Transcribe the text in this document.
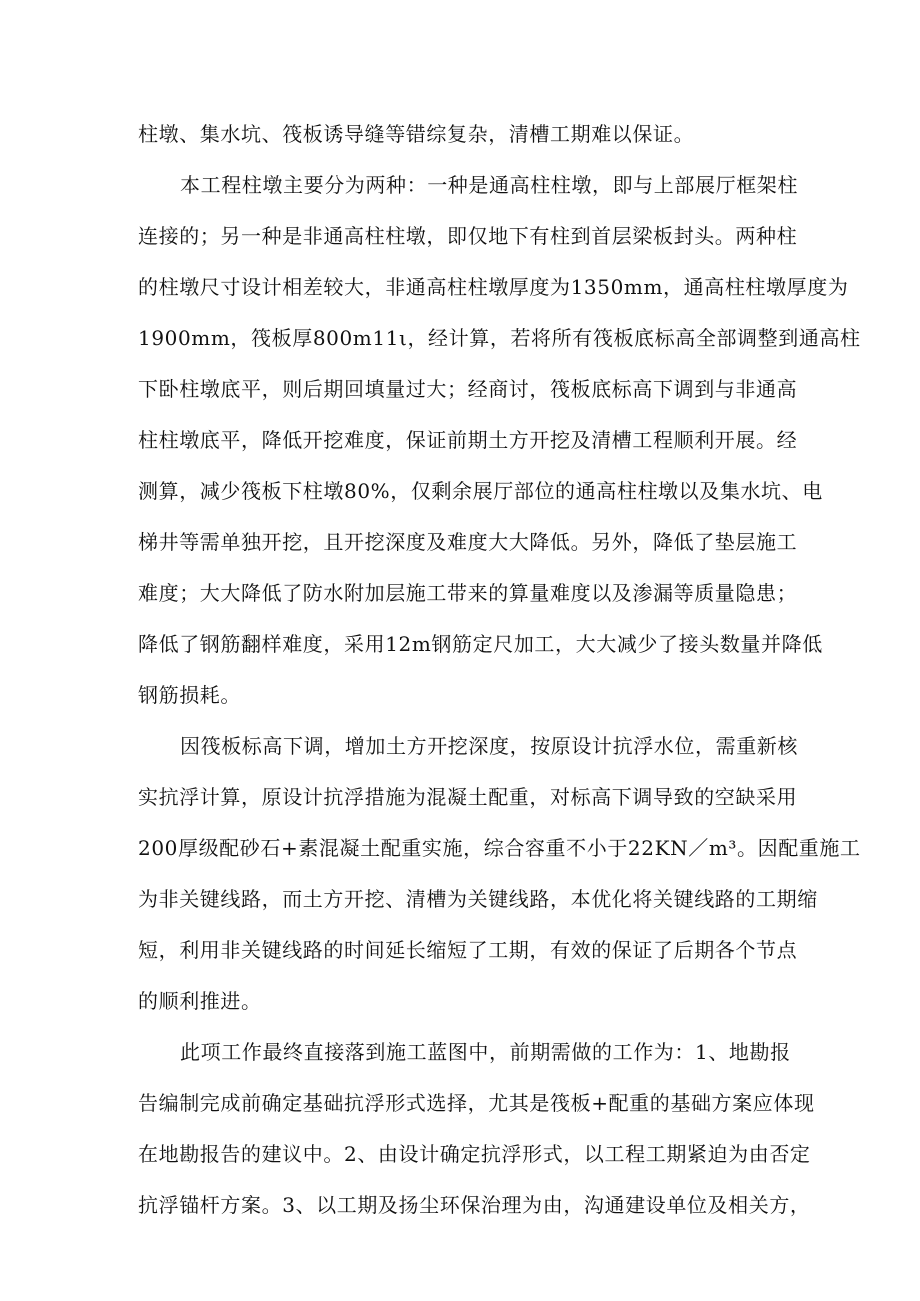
柱墩、集水坑、筏板诱导缝等错综复杂，清槽工期难以保证。
本工程柱墩主要分为两种：一种是通高柱柱墩，即与上部展厅框架柱
连接的；另一种是非通高柱柱墩，即仅地下有柱到首层梁板封头。两种柱
的柱墩尺寸设计相差较大，非通高柱柱墩厚度为1350mm，通高柱柱墩厚度为
1900mm，筏板厚800m11ι，经计算，若将所有筏板底标高全部调整到通高柱
下卧柱墩底平，则后期回填量过大；经商讨，筏板底标高下调到与非通高
柱柱墩底平，降低开挖难度，保证前期土方开挖及清槽工程顺利开展。经
测算，减少筏板下柱墩80%，仅剩余展厅部位的通高柱柱墩以及集水坑、电
梯井等需单独开挖，且开挖深度及难度大大降低。另外，降低了垫层施工
难度；大大降低了防水附加层施工带来的算量难度以及渗漏等质量隐患；
降低了钢筋翻样难度，采用12m钢筋定尺加工，大大减少了接头数量并降低
钢筋损耗。
因筏板标高下调，增加土方开挖深度，按原设计抗浮水位，需重新核
实抗浮计算，原设计抗浮措施为混凝土配重，对标高下调导致的空缺采用
200厚级配砂石+素混凝土配重实施，综合容重不小于22KN／m³。因配重施工
为非关键线路，而土方开挖、清槽为关键线路，本优化将关键线路的工期缩
短，利用非关键线路的时间延长缩短了工期，有效的保证了后期各个节点
的顺利推进。
此项工作最终直接落到施工蓝图中，前期需做的工作为：1、地勘报
告编制完成前确定基础抗浮形式选择，尤其是筏板+配重的基础方案应体现
在地勘报告的建议中。2、由设计确定抗浮形式，以工程工期紧迫为由否定
抗浮锚杆方案。3、以工期及扬尘环保治理为由，沟通建设单位及相关方，
